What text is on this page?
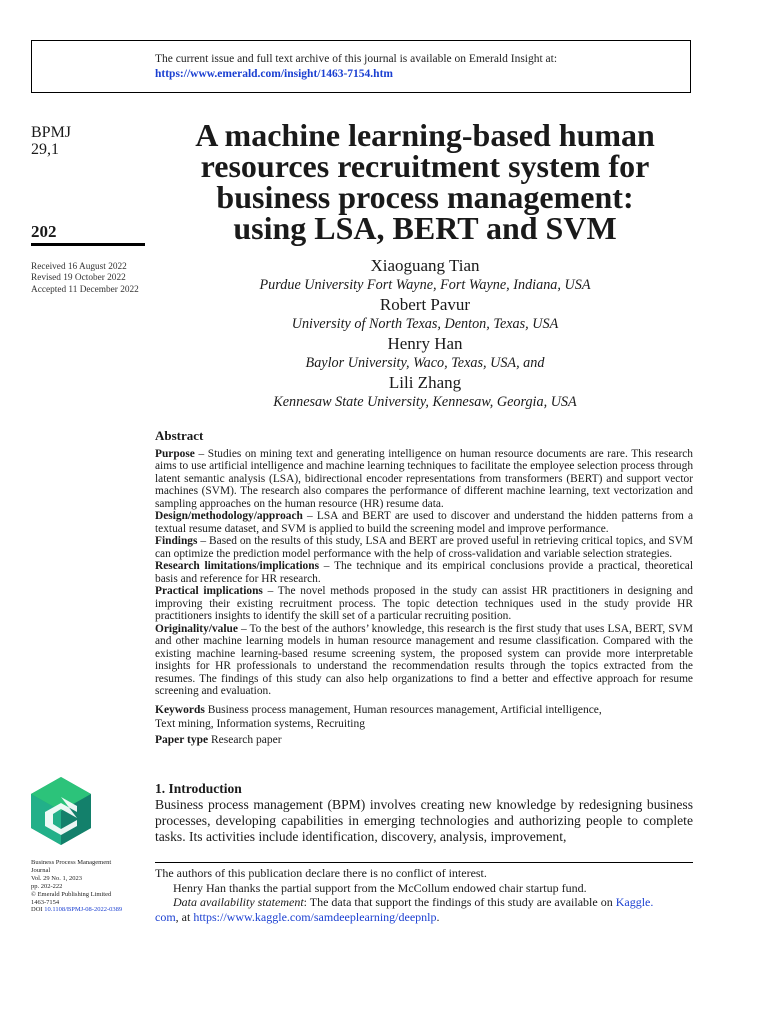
The current issue and full text archive of this journal is available on Emerald Insight at:
https://www.emerald.com/insight/1463-7154.htm
BPMJ
29,1
202
Received 16 August 2022
Revised 19 October 2022
Accepted 11 December 2022
A machine learning-based human
resources recruitment system for
business process management:
using LSA, BERT and SVM
Xiaoguang Tian
Purdue University Fort Wayne, Fort Wayne, Indiana, USA
Robert Pavur
University of North Texas, Denton, Texas, USA
Henry Han
Baylor University, Waco, Texas, USA, and
Lili Zhang
Kennesaw State University, Kennesaw, Georgia, USA
Abstract

Purpose – Studies on mining text and generating intelligence on human resource documents are rare. This research aims to use artificial intelligence and machine learning techniques to facilitate the employee selection process through latent semantic analysis (LSA), bidirectional encoder representations from transformers (BERT) and support vector machines (SVM). The research also compares the performance of different machine learning, text vectorization and sampling approaches on the human resource (HR) resume data.

Design/methodology/approach – LSA and BERT are used to discover and understand the hidden patterns from a textual resume dataset, and SVM is applied to build the screening model and improve performance.

Findings – Based on the results of this study, LSA and BERT are proved useful in retrieving critical topics, and SVM can optimize the prediction model performance with the help of cross-validation and variable selection strategies.

Research limitations/implications – The technique and its empirical conclusions provide a practical, theoretical basis and reference for HR research.

Practical implications – The novel methods proposed in the study can assist HR practitioners in designing and improving their existing recruitment process. The topic detection techniques used in the study provide HR practitioners insights to identify the skill set of a particular recruiting position.

Originality/value – To the best of the authors’ knowledge, this research is the first study that uses LSA, BERT, SVM and other machine learning models in human resource management and resume classification. Compared with the existing machine learning-based resume screening system, the proposed system can provide more interpretable insights for HR professionals to understand the recommendation results through the topics extracted from the resumes. The findings of this study can also help organizations to find a better and effective approach for resume screening and evaluation.

Keywords Business process management, Human resources management, Artificial intelligence,
Text mining, Information systems, Recruiting

Paper type Research paper

1. Introduction
Business process management (BPM) involves creating new knowledge by redesigning business processes, developing capabilities in emerging technologies and authorizing people to complete tasks. Its activities include identification, discovery, analysis, improvement,
Business Process Management
Journal
Vol. 29 No. 1, 2023
pp. 202-222
© Emerald Publishing Limited
1463-7154
DOI 10.1108/BPMJ-08-2022-0389

The authors of this publication declare there is no conflict of interest.

Henry Han thanks the partial support from the McCollum endowed chair startup fund.

Data availability statement: The data that support the findings of this study are available on Kaggle.

com, at https://www.kaggle.com/samdeeplearning/deepnlp.
